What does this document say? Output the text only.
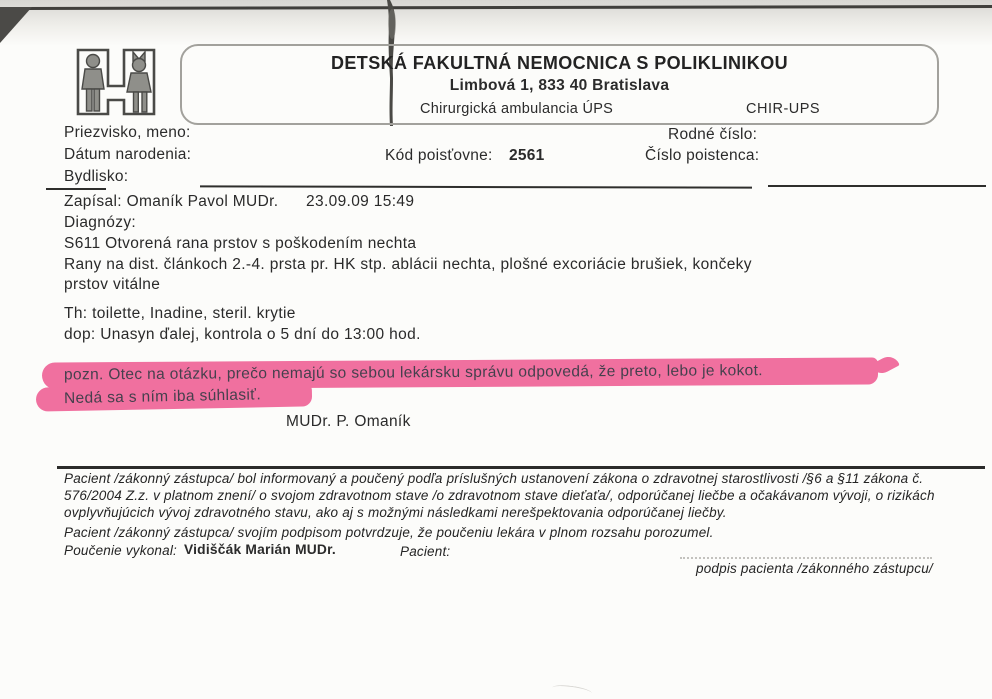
DETSKÁ FAKULTNÁ NEMOCNICA S POLIKLINIKOU
Limbová 1, 833 40 Bratislava
Chirurgická ambulancia ÚPS	CHIR-UPS
Priezvisko, meno:
Dátum narodenia:
Bydlisko:
Kód poisťovne: 2561
Rodné číslo:
Číslo poistenca:
Zapísal: Omaník Pavol MUDr. 23.09.09 15:49
Diagnózy:
S611 Otvorená rana prstov s poškodením nechta
Rany na dist. článkoch 2.-4. prsta pr. HK stp. ablácii nechta, plošné excoriácie brušiek, končeky
prstov vitálne
Th: toilette, Inadine, steril. krytie
dop: Unasyn ďalej, kontrola o 5 dní do 13:00 hod.
pozn. Otec na otázku, prečo nemajú so sebou lekársku správu odpovedá, že preto, lebo je kokot.
Nedá sa s ním iba súhlasiť.
MUDr. P. Omaník
Pacient /zákonný zástupca/ bol informovaný a poučený podľa príslušných ustanovení zákona o zdravotnej starostlivosti /§6 a §11 zákona č.
576/2004 Z.z. v platnom znení/ o svojom zdravotnom stave /o zdravotnom stave dieťaťa/, odporúčanej liečbe a očakávanom vývoji, o rizikách
ovplyvňujúcich vývoj zdravotného stavu, ako aj s možnými následkami nerešpektovania odporúčanej liečby.
Pacient /zákonný zástupca/ svojím podpisom potvrdzuje, že poučeniu lekára v plnom rozsahu porozumel.
Poučenie vykonal: Vidiščák Marián MUDr.	Pacient:
podpis pacienta /zákonného zástupcu/
